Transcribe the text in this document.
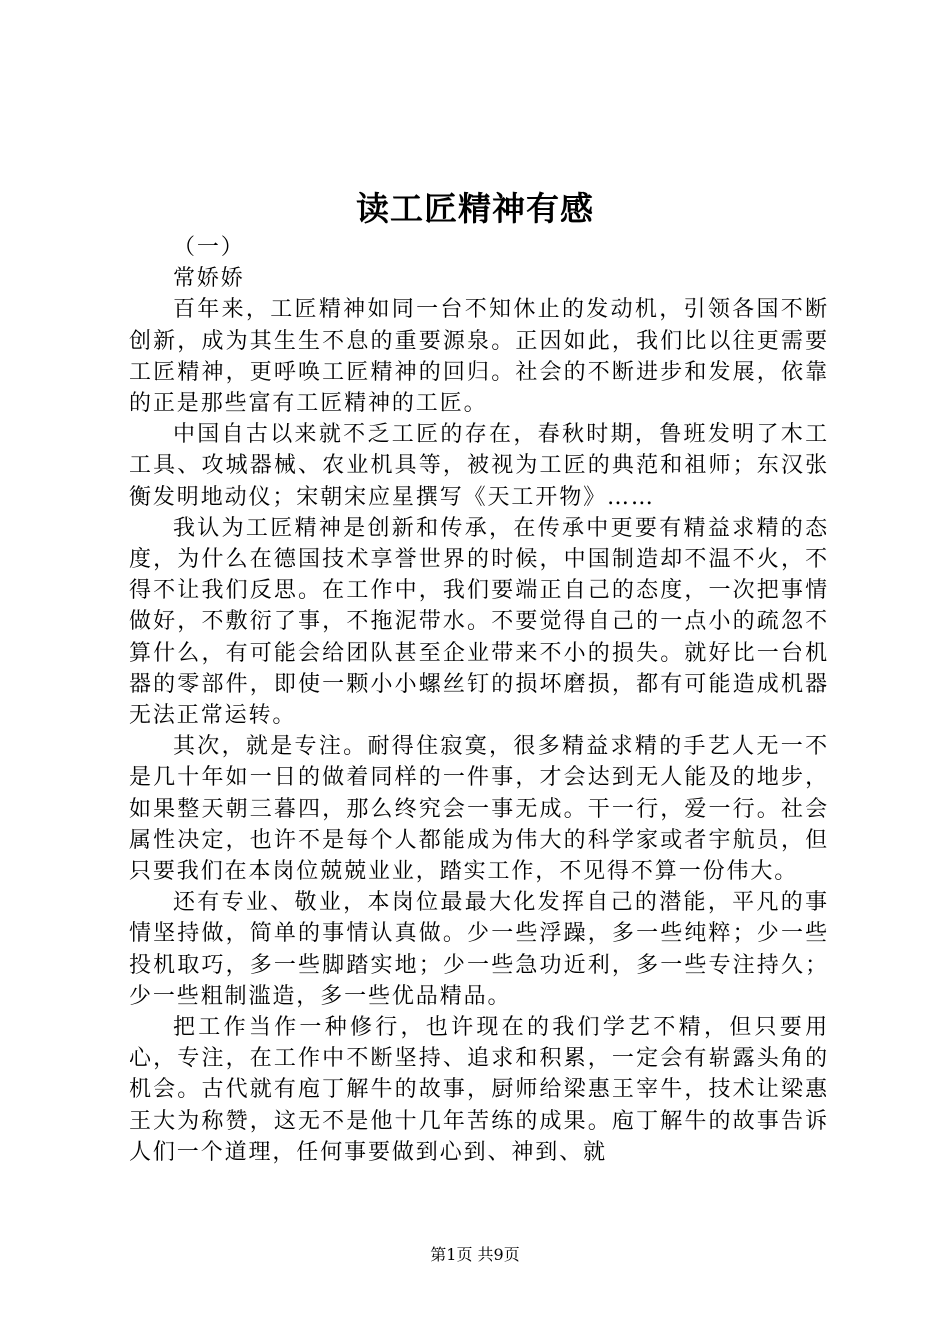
读工匠精神有感

（一）

常娇娇

百年来，工匠精神如同一台不知休止的发动机，引领各国不断创新，成为其生生不息的重要源泉。正因如此，我们比以往更需要工匠精神，更呼唤工匠精神的回归。社会的不断进步和发展，依靠的正是那些富有工匠精神的工匠。

中国自古以来就不乏工匠的存在，春秋时期，鲁班发明了木工工具、攻城器械、农业机具等，被视为工匠的典范和祖师；东汉张衡发明地动仪；宋朝宋应星撰写《天工开物》……

我认为工匠精神是创新和传承，在传承中更要有精益求精的态度，为什么在德国技术享誉世界的时候，中国制造却不温不火，不得不让我们反思。在工作中，我们要端正自己的态度，一次把事情做好，不敷衍了事，不拖泥带水。不要觉得自己的一点小的疏忽不算什么，有可能会给团队甚至企业带来不小的损失。就好比一台机器的零部件，即使一颗小小螺丝钉的损坏磨损，都有可能造成机器无法正常运转。

其次，就是专注。耐得住寂寞，很多精益求精的手艺人无一不是几十年如一日的做着同样的一件事，才会达到无人能及的地步，如果整天朝三暮四，那么终究会一事无成。干一行，爱一行。社会属性决定，也许不是每个人都能成为伟大的科学家或者宇航员，但只要我们在本岗位兢兢业业，踏实工作，不见得不算一份伟大。

还有专业、敬业，本岗位最最大化发挥自己的潜能，平凡的事情坚持做，简单的事情认真做。少一些浮躁，多一些纯粹；少一些投机取巧，多一些脚踏实地；少一些急功近利，多一些专注持久；少一些粗制滥造，多一些优品精品。

把工作当作一种修行，也许现在的我们学艺不精，但只要用心，专注，在工作中不断坚持、追求和积累，一定会有崭露头角的机会。古代就有庖丁解牛的故事，厨师给梁惠王宰牛，技术让梁惠王大为称赞，这无不是他十几年苦练的成果。庖丁解牛的故事告诉人们一个道理，任何事要做到心到、神到、就

第1页 共9页
